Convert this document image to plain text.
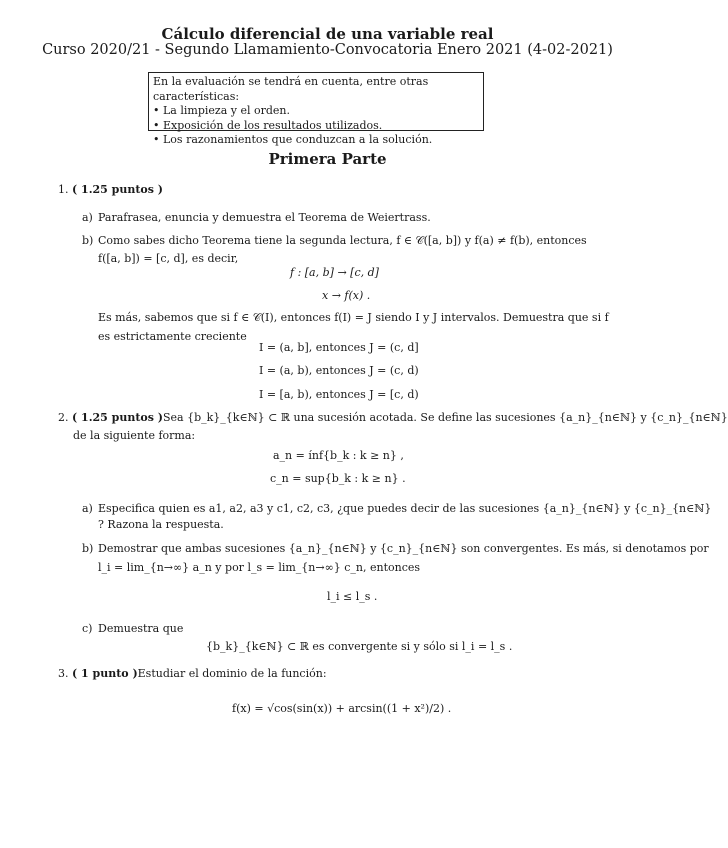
Cálculo diferencial de una variable real
Curso 2020/21 - Segundo Llamamiento-Convocatoria Enero 2021 (4-02-2021)
En la evaluación se tendrá en cuenta, entre otras características:
• La limpieza y el orden.
• Exposición de los resultados utilizados.
• Los razonamientos que conduzcan a la solución.
Primera Parte
1. ( 1.25 puntos )
a) Parafrasea, enuncia y demuestra el Teorema de Weiertrass.
b) Como sabes dicho Teorema tiene la segunda lectura, f ∈ 𝒞([a, b]) y f(a) ≠ f(b), entonces
f([a, b]) = [c, d], es decir,
f : [a, b] → [c, d]
x → f(x) .
Es más, sabemos que si f ∈ 𝒞(I), entonces f(I) = J siendo I y J intervalos. Demuestra que si f
es estrictamente creciente
I = (a, b], entonces J = (c, d]
I = (a, b), entonces J = (c, d)
I = [a, b), entonces J = [c, d)
2. ( 1.25 puntos )Sea {b_k}_{k∈ℕ} ⊂ ℝ una sucesión acotada. Se define las sucesiones {a_n}_{n∈ℕ} y {c_n}_{n∈ℕ}
de la siguiente forma:
a_n = ínf{b_k : k ≥ n} ,
c_n = sup{b_k : k ≥ n} .
a) Especifica quien es a1, a2, a3 y c1, c2, c3, ¿que puedes decir de las sucesiones {a_n}_{n∈ℕ} y {c_n}_{n∈ℕ}
? Razona la respuesta.
b) Demostrar que ambas sucesiones {a_n}_{n∈ℕ} y {c_n}_{n∈ℕ} son convergentes. Es más, si denotamos por
l_i = lim_{n→∞} a_n y por l_s = lim_{n→∞} c_n, entonces
l_i ≤ l_s .
c) Demuestra que
{b_k}_{k∈ℕ} ⊂ ℝ es convergente si y sólo si l_i = l_s .
3. ( 1 punto )Estudiar el dominio de la función:
f(x) = √cos(sin(x)) + arcsin((1 + x²)/2) .
